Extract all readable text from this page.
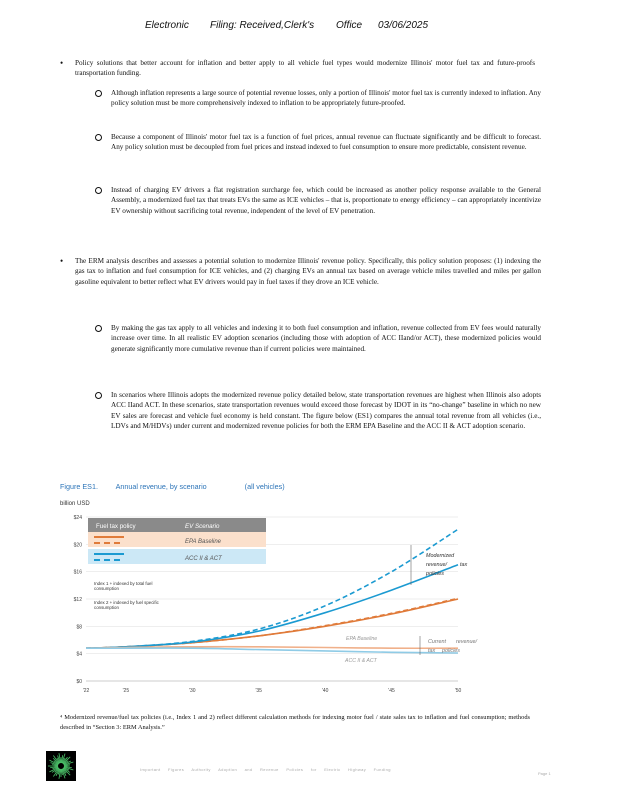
Electronic Filing: Received,Clerk's Office 03/06/2025
• Policy solutions that better account for inflation and better apply to all vehicle fuel types would modernize Illinois' motor fuel tax and future-proofs transportation funding.
Although inflation represents a large source of potential revenue losses, only a portion of Illinois' motor fuel tax is currently indexed to inflation. Any policy solution must be more comprehensively indexed to inflation to be appropriately future-proofed.
Because a component of Illinois' motor fuel tax is a function of fuel prices, annual revenue can fluctuate significantly and be difficult to forecast. Any policy solution must be decoupled from fuel prices and instead indexed to fuel consumption to ensure more predictable, consistent revenue.
Instead of charging EV drivers a flat registration surcharge fee, which could be increased as another policy response available to the General Assembly, a modernized fuel tax that treats EVs the same as ICE vehicles – that is, proportionate to energy efficiency – can appropriately incentivize EV ownership without sacrificing total revenue, independent of the level of EV penetration.
• The ERM analysis describes and assesses a potential solution to modernize Illinois' revenue policy. Specifically, this policy solution proposes: (1) indexing the gas tax to inflation and fuel consumption for ICE vehicles, and (2) charging EVs an annual tax based on average vehicle miles travelled and miles per gallon gasoline equivalent to better reflect what EV drivers would pay in fuel taxes if they drove an ICE vehicle.
By making the gas tax apply to all vehicles and indexing it to both fuel consumption and inflation, revenue collected from EV fees would naturally increase over time. In all realistic EV adoption scenarios (including those with adoption of ACC IIand/or ACT), these modernized policies would generate significantly more cumulative revenue than if current policies were maintained.
In scenarios where Illinois adopts the modernized revenue policy detailed below, state transportation revenues are highest when Illinois also adopts ACC IIand ACT. In these scenarios, state transportation revenues would exceed those forecast by IDOT in its “no-change” baseline in which no new EV sales are forecast and vehicle fuel economy is held constant. The figure below (ES1) compares the annual total revenue from all vehicles (i.e., LDVs and M/HDVs) under current and modernized revenue policies for both the ERM EPA Baseline and the ACC II & ACT adoption scenario.
Figure ES1. Annual revenue, by scenario	(all vehicles)
billion USD
$0
$4
$8
$12
$16
$20
$24
'22	'25	'30	'35	'40	'45	'50
Fuel tax policy	EV Scenario
EPA Baseline
ACC II & ACT
Index 1 + indexed by total fuel consumption
Index 2 + indexed by fuel specific consumption
Modernized
revenue/ tax
policies
Current revenue/
tax policies
EPA Baseline
ACC II & ACT
⁴ Modernized revenue/fuel tax policies (i.e., Index 1 and 2) reflect different calculation methods for indexing motor fuel / state sales tax to inflation and fuel consumption; methods described in “Section 3: ERM Analysis.”
Important Figures Authority Adoption and Revenue Policies for Electric Highway Funding
Page 1
